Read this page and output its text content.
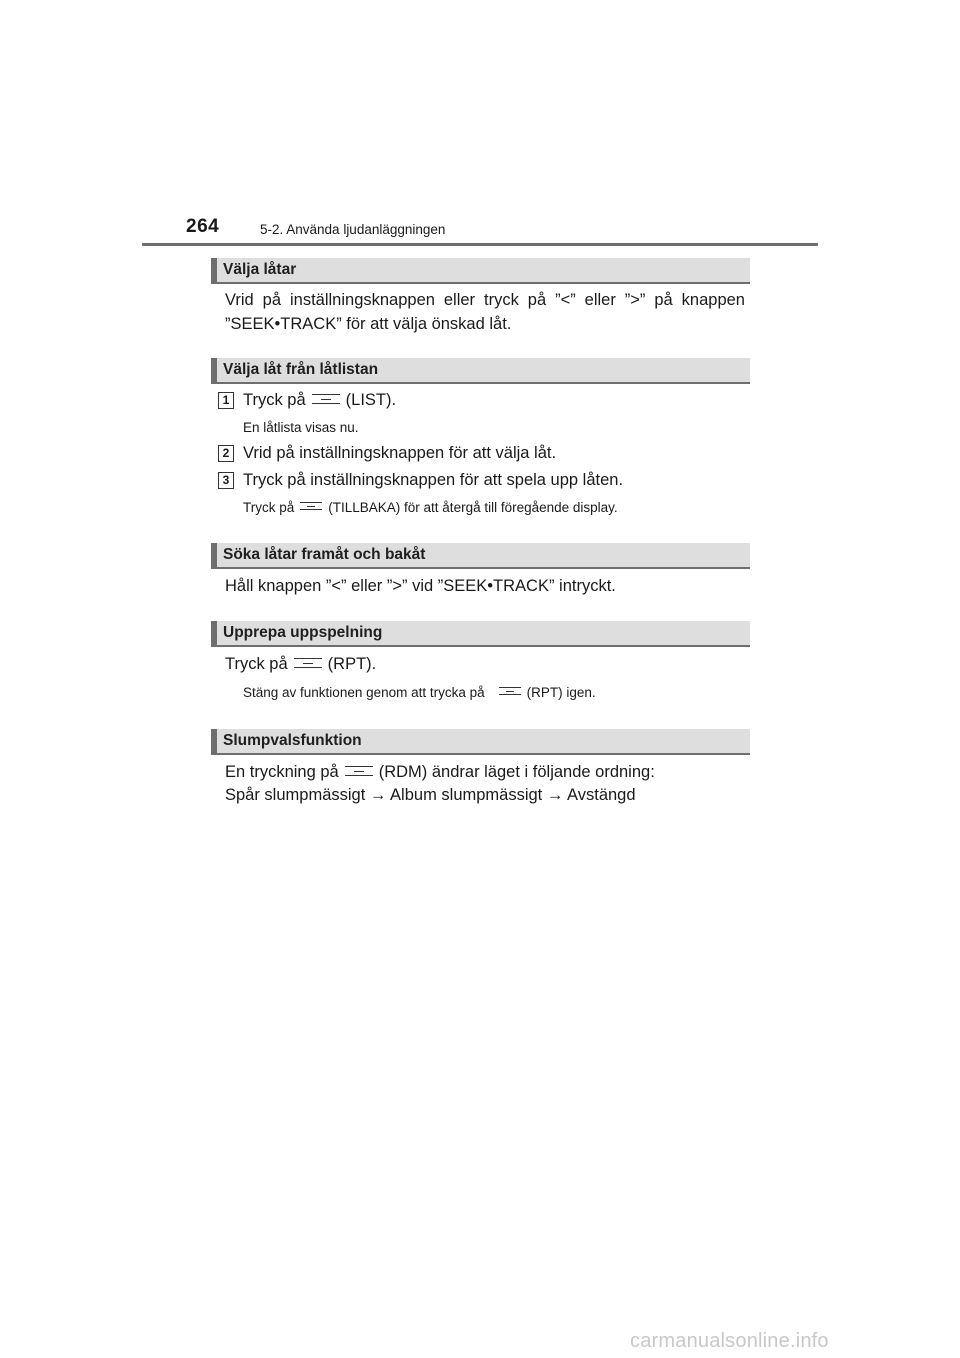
264	5-2. Använda ljudanläggningen
Välja låtar
Vrid på inställningsknappen eller tryck på ”<” eller ”>” på knappen ”SEEK•TRACK” för att välja önskad låt.
Välja låt från låtlistan
1 Tryck på (LIST).
En låtlista visas nu.
2 Vrid på inställningsknappen för att välja låt.
3 Tryck på inställningsknappen för att spela upp låten.
Tryck på	(TILLBAKA) för att återgå till föregående display.
Söka låtar framåt och bakåt
Håll knappen ”<” eller ”>” vid ”SEEK•TRACK” intryckt.
Upprepa uppspelning
Tryck på (RPT).
Stäng av funktionen genom att trycka på	(RPT) igen.
Slumpvalsfunktion
En tryckning på (RDM) ändrar läget i följande ordning:
Spår slumpmässigt → Album slumpmässigt → Avstängd
carmanualsonline.info
